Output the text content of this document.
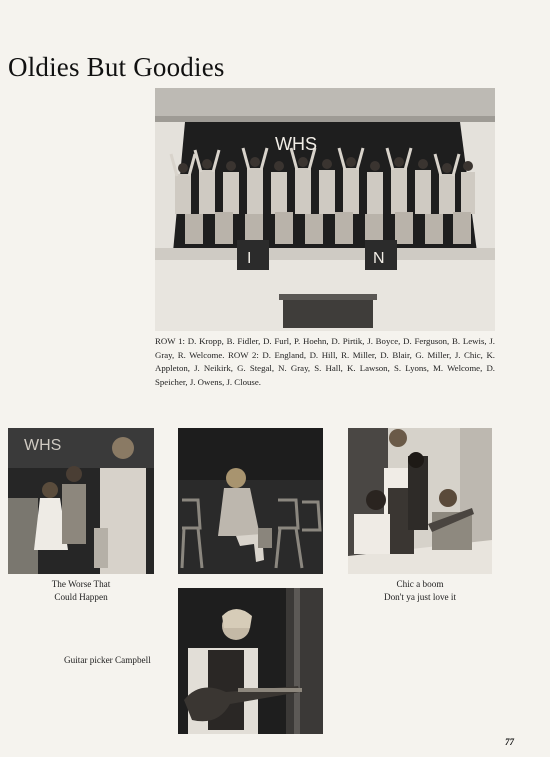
Oldies But Goodies
WHS
I	N
ROW 1: D. Kropp, B. Fidler, D. Furl, P. Hoehn, D. Pirtik, J. Boyce, D. Ferguson, B. Lewis, J. Gray, R. Welcome. ROW 2: D. England, D. Hill, R. Miller, D. Blair, G. Miller, J. Chic, K. Appleton, J. Neikirk, G. Stegal, N. Gray, S. Hall, K. Lawson, S. Lyons, M. Welcome, D. Speicher, J. Owens, J. Clouse.
WHS
The Worse That
Could Happen
Chic a boom
Don't ya just love it
Guitar picker Campbell
77
